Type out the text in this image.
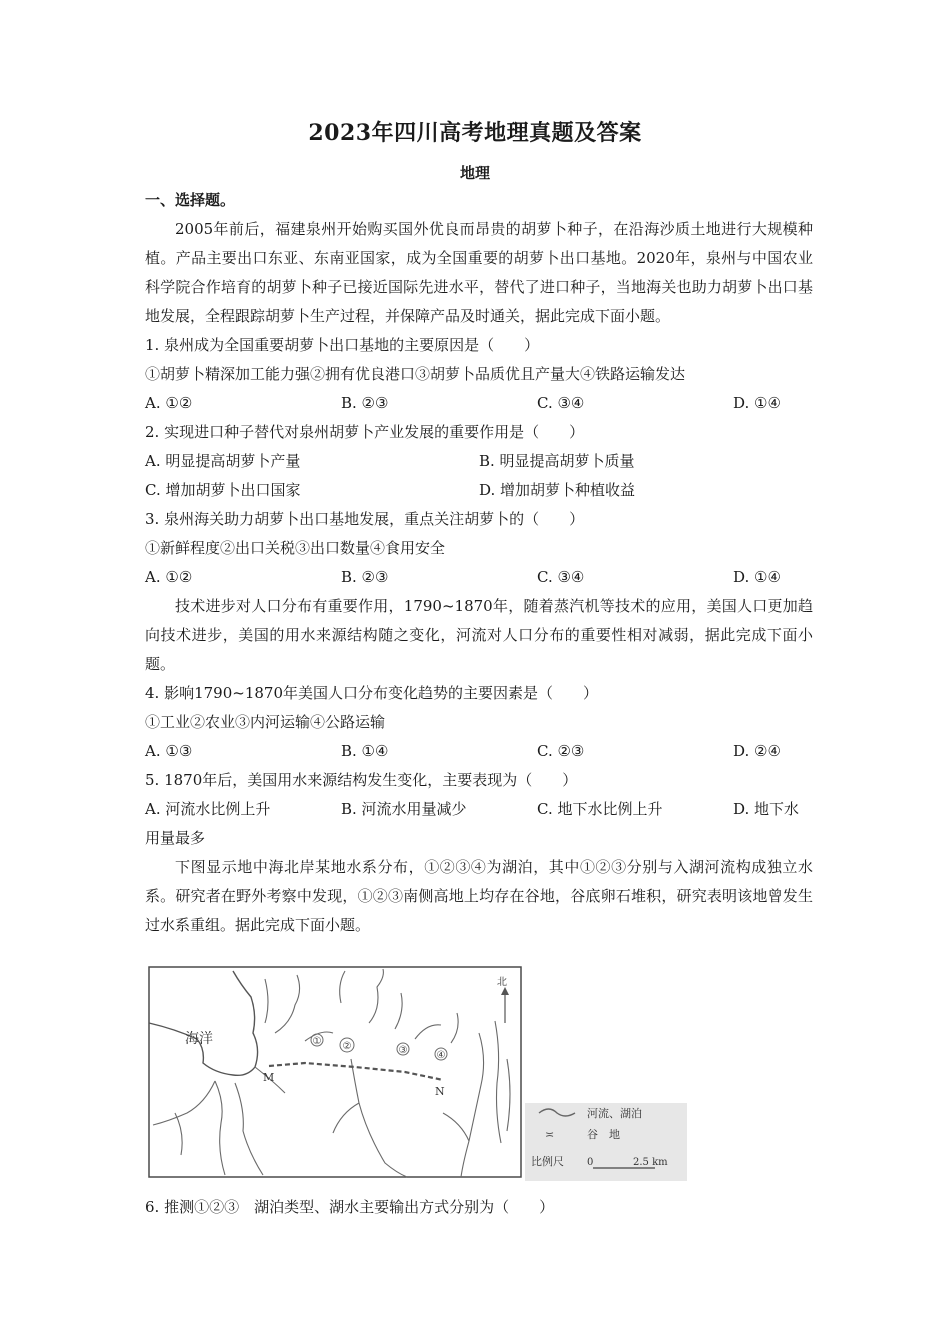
2023年四川高考地理真题及答案
地理

一、选择题。

2005年前后，福建泉州开始购买国外优良而昂贵的胡萝卜种子，在沿海沙质土地进行大规模种植。产品主要出口东亚、东南亚国家，成为全国重要的胡萝卜出口基地。2020年，泉州与中国农业科学院合作培育的胡萝卜种子已接近国际先进水平，替代了进口种子，当地海关也助力胡萝卜出口基地发展，全程跟踪胡萝卜生产过程，并保障产品及时通关，据此完成下面小题。

1. 泉州成为全国重要胡萝卜出口基地的主要原因是（　　）

①胡萝卜精深加工能力强②拥有优良港口③胡萝卜品质优且产量大④铁路运输发达

A. ①②	B. ②③	C. ③④	D. ①④

2. 实现进口种子替代对泉州胡萝卜产业发展的重要作用是（　　）

A. 明显提高胡萝卜产量	B. 明显提高胡萝卜质量
C. 增加胡萝卜出口国家	D. 增加胡萝卜种植收益

3. 泉州海关助力胡萝卜出口基地发展，重点关注胡萝卜的（　　）

①新鲜程度②出口关税③出口数量④食用安全

A. ①②	B. ②③	C. ③④	D. ①④

技术进步对人口分布有重要作用，1790~1870年，随着蒸汽机等技术的应用，美国人口更加趋向技术进步，美国的用水来源结构随之变化，河流对人口分布的重要性相对减弱，据此完成下面小题。

4. 影响1790~1870年美国人口分布变化趋势的主要因素是（　　）

①工业②农业③内河运输④公路运输

A. ①③	B. ①④	C. ②③	D. ②④

5. 1870年后，美国用水来源结构发生变化，主要表现为（　　）

A. 河流水比例上升	B. 河流水用量减少	C. 地下水比例上升	D. 地下水

用量最多

下图显示地中海北岸某地水系分布，①②③④为湖泊，其中①②③分别与入湖河流构成独立水系。研究者在野外考察中发现，①②③南侧高地上均存在谷地，谷底卵石堆积，研究表明该地曾发生过水系重组。据此完成下面小题。

① ②	③	④
M
N
海洋
北
河流、湖泊
≍	谷　地
比例尺 0	2.5 km
6. 推测①②③　湖泊类型、湖水主要输出方式分别为（　　）
